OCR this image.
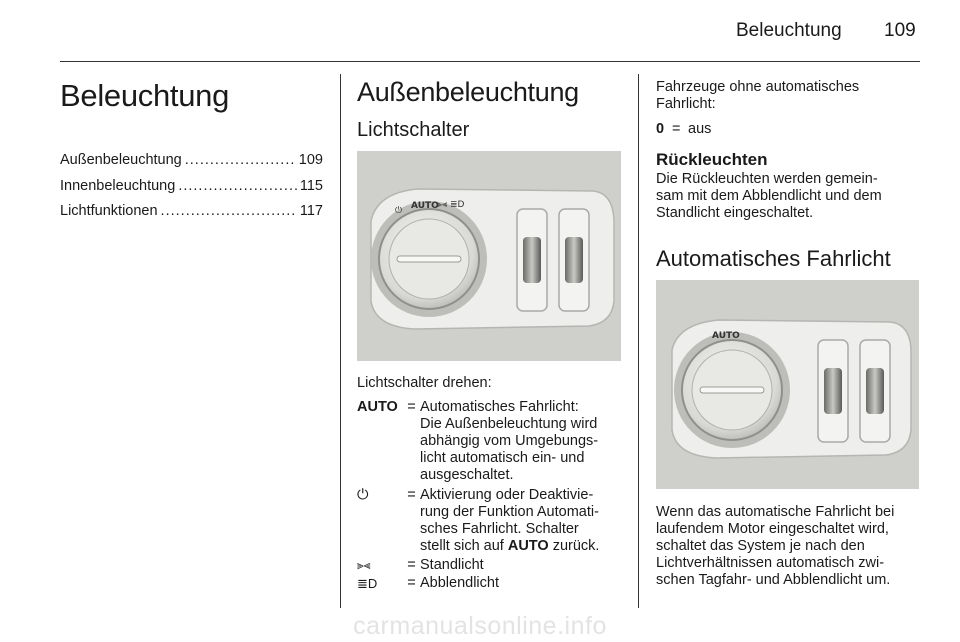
Beleuchtung 109
Beleuchtung
Außenbeleuchtung .....	109
Innenbeleuchtung .....	115
Lichtfunktionen .....	117
Außenbeleuchtung
Lichtschalter
⏻ AUTO
⫸⫷ ≣D
Lichtschalter drehen:
AUTO = Automatisches Fahrlicht:
Die Außenbeleuchtung wird
abhängig vom Umgebungs-
licht automatisch ein- und
ausgeschaltet.
⏻	= Aktivierung oder Deaktivie-
rung der Funktion Automati-
sches Fahrlicht. Schalter
stellt sich auf AUTO zurück.
⫸⫷	= Standlicht
≣D	= Abblendlicht
Fahrzeuge ohne automatisches
Fahrlicht:
0 = aus
Rückleuchten
Die Rückleuchten werden gemein-
sam mit dem Abblendlicht und dem
Standlicht eingeschaltet.
Automatisches Fahrlicht
AUTO
Wenn das automatische Fahrlicht bei
laufendem Motor eingeschaltet wird,
schaltet das System je nach den
Lichtverhältnissen automatisch zwi-
schen Tagfahr- und Abblendlicht um.
carmanualsonline.info
